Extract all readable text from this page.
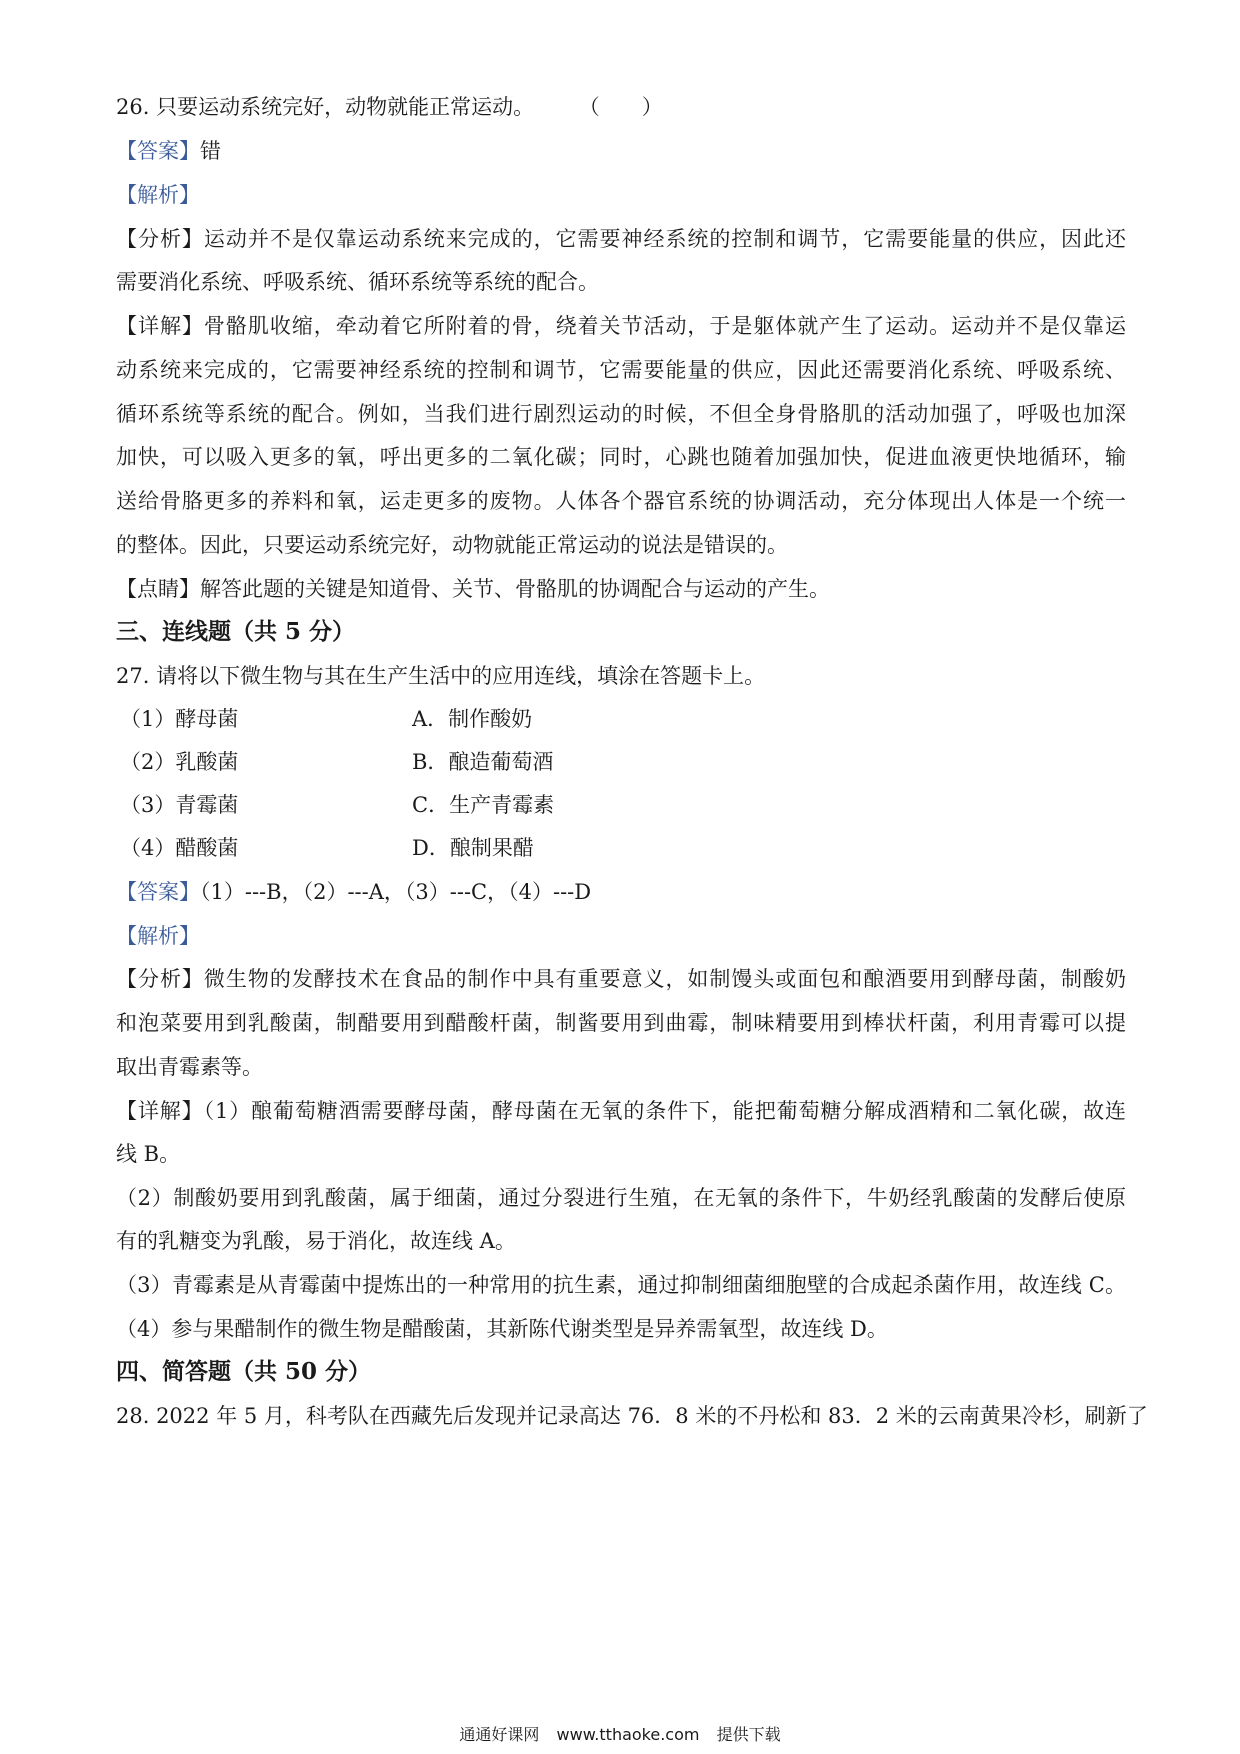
26. 只要运动系统完好，动物就能正常运动。 （　　）
【答案】错
【解析】
【分析】运动并不是仅靠运动系统来完成的，它需要神经系统的控制和调节，它需要能量的供应，因此还
需要消化系统、呼吸系统、循环系统等系统的配合。
【详解】骨骼肌收缩，牵动着它所附着的骨，绕着关节活动，于是躯体就产生了运动。运动并不是仅靠运
动系统来完成的，它需要神经系统的控制和调节，它需要能量的供应，因此还需要消化系统、呼吸系统、
循环系统等系统的配合。例如，当我们进行剧烈运动的时候，不但全身骨胳肌的活动加强了，呼吸也加深
加快，可以吸入更多的氧，呼出更多的二氧化碳；同时，心跳也随着加强加快，促进血液更快地循环，输
送给骨胳更多的养料和氧，运走更多的废物。人体各个器官系统的协调活动，充分体现出人体是一个统一
的整体。因此，只要运动系统完好，动物就能正常运动的说法是错误的。
【点睛】解答此题的关键是知道骨、关节、骨骼肌的协调配合与运动的产生。
三、连线题（共 5 分）
27. 请将以下微生物与其在生产生活中的应用连线，填涂在答题卡上。
（1）酵母菌	A．制作酸奶
（2）乳酸菌	B．酿造葡萄酒
（3）青霉菌	C．生产青霉素
（4）醋酸菌	D．酿制果醋
【答案】（1）---B，（2）---A，（3）---C，（4）---D
【解析】
【分析】微生物的发酵技术在食品的制作中具有重要意义，如制馒头或面包和酿酒要用到酵母菌，制酸奶
和泡菜要用到乳酸菌，制醋要用到醋酸杆菌，制酱要用到曲霉，制味精要用到棒状杆菌，利用青霉可以提
取出青霉素等。
【详解】（1）酿葡萄糖酒需要酵母菌，酵母菌在无氧的条件下，能把葡萄糖分解成酒精和二氧化碳，故连
线 B。
（2）制酸奶要用到乳酸菌，属于细菌，通过分裂进行生殖，在无氧的条件下，牛奶经乳酸菌的发酵后使原
有的乳糖变为乳酸，易于消化，故连线 A。
（3）青霉素是从青霉菌中提炼出的一种常用的抗生素，通过抑制细菌细胞壁的合成起杀菌作用，故连线 C。
（4）参与果醋制作的微生物是醋酸菌，其新陈代谢类型是异养需氧型，故连线 D。
四、简答题（共 50 分）
28. 2022 年 5 月，科考队在西藏先后发现并记录高达 76．8 米的不丹松和 83．2 米的云南黄果冷杉，刷新了
通通好课网 www.tthaoke.com 提供下载
